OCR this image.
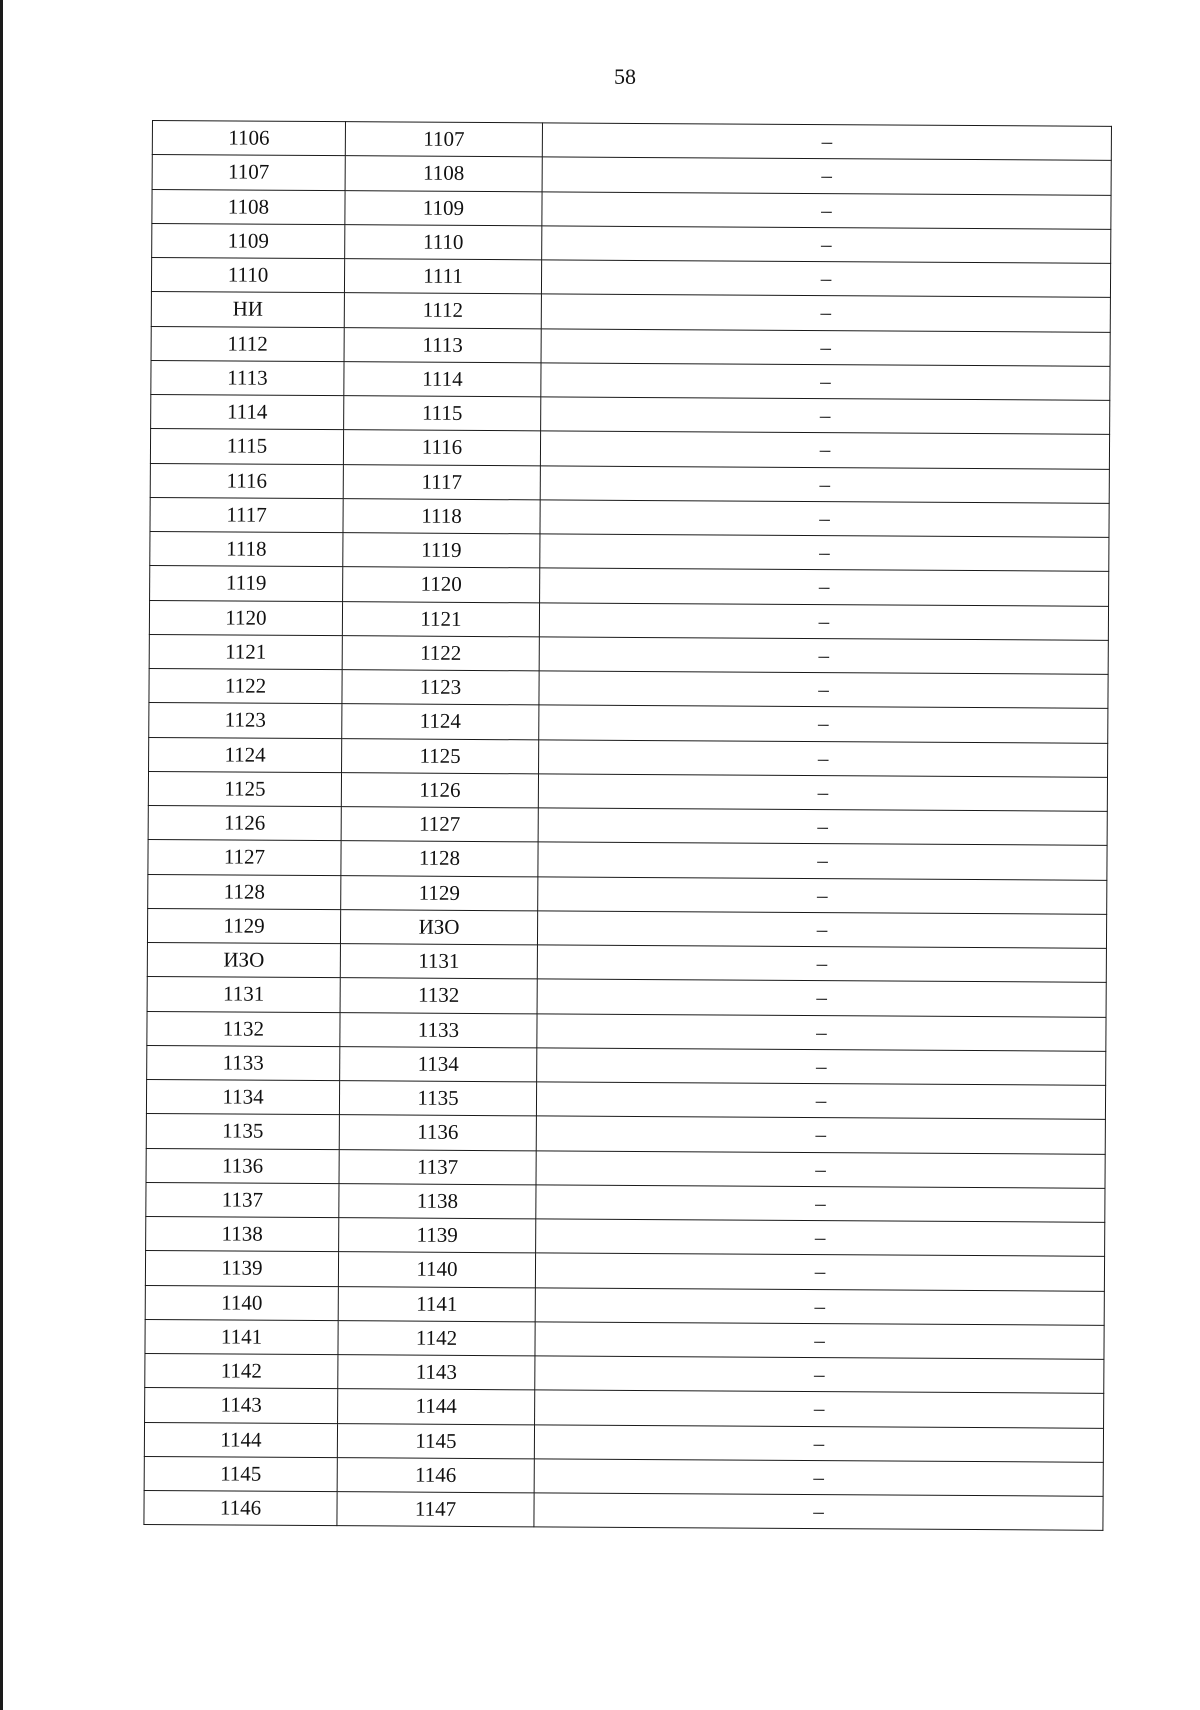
58
1106	1107	–
1107	1108	–
1108	1109	–
1109	1110	–
1110	1111	–
НИ	1112	–
1112	1113	–
1113	1114	–
1114	1115	–
1115	1116	–
1116	1117	–
1117	1118	–
1118	1119	–
1119	1120	–
1120	1121	–
1121	1122	–
1122	1123	–
1123	1124	–
1124	1125	–
1125	1126	–
1126	1127	–
1127	1128	–
1128	1129	–
1129	ИЗО	–
ИЗО	1131	–
1131	1132	–
1132	1133	–
1133	1134	–
1134	1135	–
1135	1136	–
1136	1137	–
1137	1138	–
1138	1139	–
1139	1140	–
1140	1141	–
1141	1142	–
1142	1143	–
1143	1144	–
1144	1145	–
1145	1146	–
1146	1147	–
